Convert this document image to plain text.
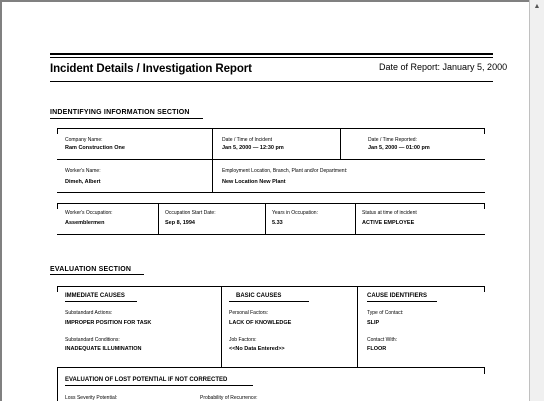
▲
Incident Details / Investigation Report	Date of Report: January 5, 2000
INDENTIFYING INFORMATION SECTION
Company Name:
Ram Construction One
Date / Time of Incident
Jan 5, 2000 — 12:30 pm
Date / Time Reported:
Jan 5, 2000 — 01:00 pm
Worker's Name:
Dimeh, Albert
Employment Location, Branch, Plant and/or Department:
New Location New Plant
Worker's Occupation:
Assemblermen
Occupation Start Date:
Sep 8, 1994
Years in Occupation:
5.33
Status at time of incident
ACTIVE EMPLOYEE
EVALUATION SECTION
IMMEDIATE CAUSES
Substandard Actions:
IMPROPER POSITION FOR TASK
Substandard Conditions:
INADEQUATE ILLUMINATION
BASIC CAUSES
Personal Factors:
LACK OF KNOWLEDGE
Job Factors:
<<No Data Entered>>
CAUSE IDENTIFIERS
Type of Contact:
SLIP
Contact With:
FLOOR
EVALUATION OF LOST POTENTIAL IF NOT CORRECTED
Loss Severity Potential:	Probability of Recurrence:
